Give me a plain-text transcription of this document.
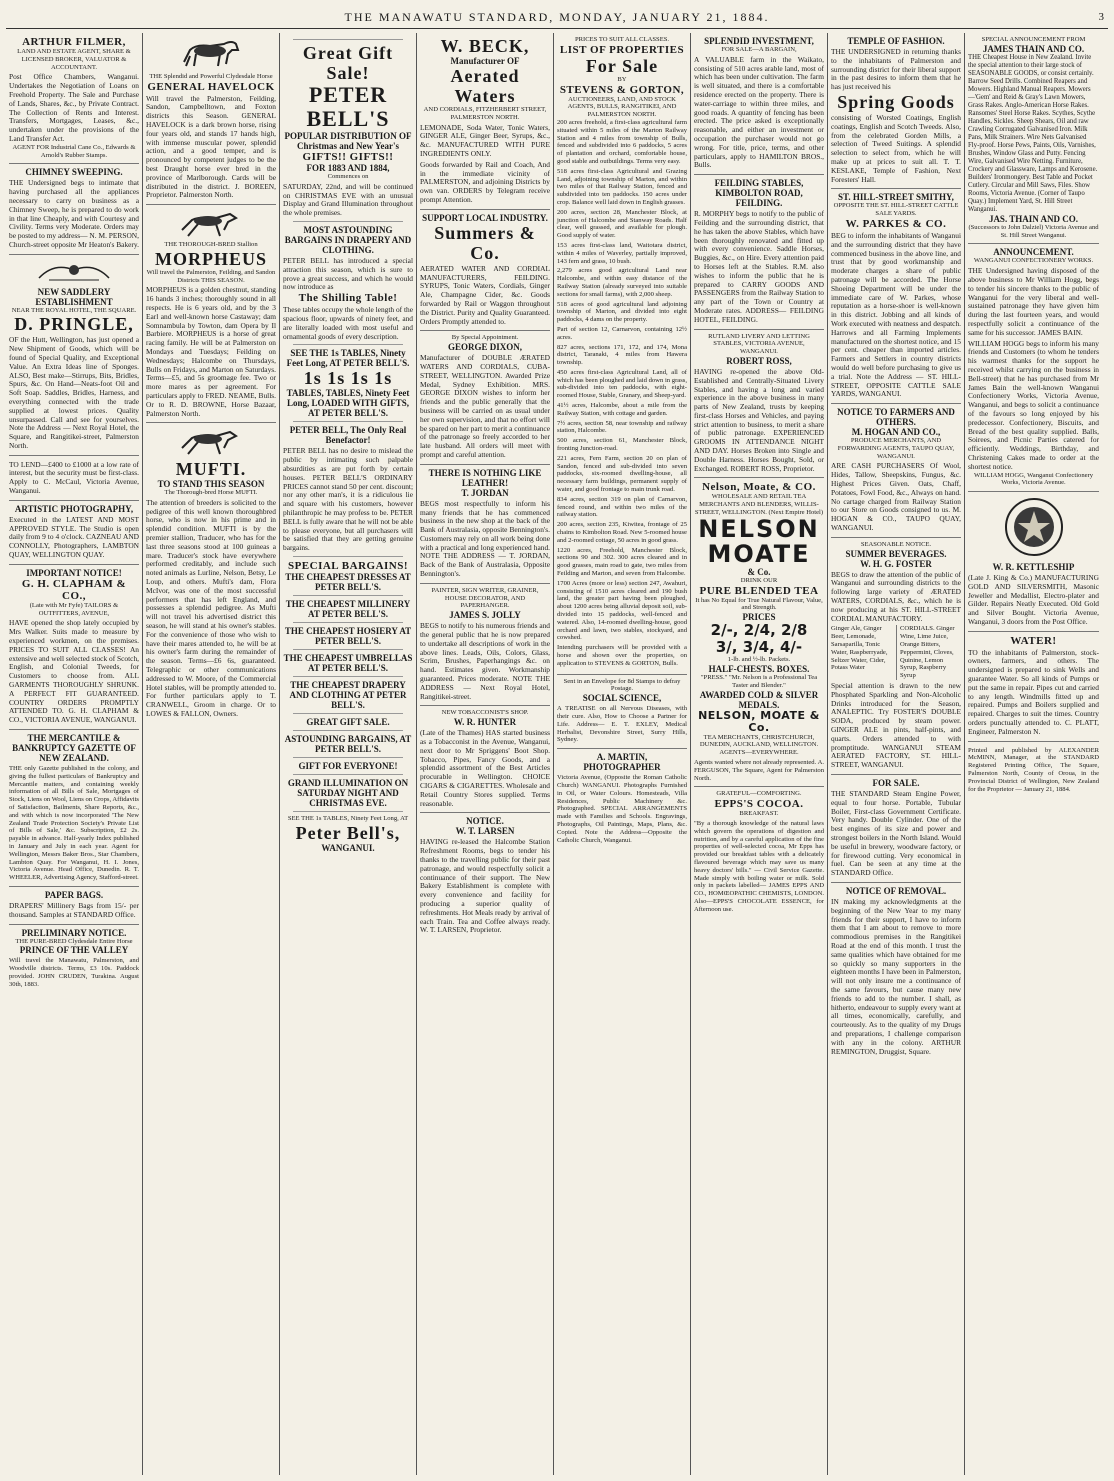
THE MANAWATU STANDARD, MONDAY, JANUARY 21, 1884.	3
ARTHUR FILMER,
LAND AND ESTATE AGENT, SHARE & LICENSED BROKER, VALUATOR & ACCOUNTANT.
Post Office Chambers, Wanganui. Undertakes the Negotiation of Loans on Freehold Property. The Sale and Purchase of Lands, Shares, &c., by Private Contract. The Collection of Rents and Interest. Transfers, Mortgages, Leases, &c., undertaken under the provisions of the Land Transfer Act.
AGENT FOR Industrial Cane Co., Edwards & Arnold's Rubber Stamps.
CHIMNEY SWEEPING.
THE Undersigned begs to intimate that having purchased all the appliances necessary to carry on business as a Chimney Sweep, he is prepared to do work in that line Cheaply, and with Courtesy and Civility. Terms very Moderate. Orders may be posted to my address— N. M. PERSON, Church-street opposite Mr Heaton's Bakery.
NEW SADDLERY ESTABLISHMENT
NEAR THE ROYAL HOTEL, THE SQUARE.
D. PRINGLE,
OF the Hutt, Wellington, has just opened a New Shipment of Goods, which will be found of Special Quality, and Exceptional Value. An Extra Ideas line of Sponges. ALSO, Best make—Stirrups, Bits, Bridles, Spurs, &c. On Hand—Neats-foot Oil and Soft Soap. Saddles, Bridles, Harness, and everything connected with the trade supplied at lowest prices. Quality unsurpassed. Call and see for yourselves. Note the Address — Next Royal Hotel, the Square, and Rangitikei-street, Palmerston North.
TO LEND—£400 to £1000 at a low rate of interest, but the security must be first-class. Apply to C. McCaul, Victoria Avenue, Wanganui.
ARTISTIC PHOTOGRAPHY,
Executed in the LATEST AND MOST APPROVED STYLE. The Studio is open daily from 9 to 4 o'clock. CAZNEAU AND CONNOLLY, Photographers, LAMBTON QUAY, WELLINGTON QUAY.
IMPORTANT NOTICE!
G. H. CLAPHAM & CO.,
(Late with Mr Fyfe) TAILORS & OUTFITTERS, AVENUE,
HAVE opened the shop lately occupied by Mrs Walker. Suits made to measure by experienced workmen, on the premises. PRICES TO SUIT ALL CLASSES! An extensive and well selected stock of Scotch, English, and Colonial Tweeds, for Customers to choose from. ALL GARMENTS THOROUGHLY SHRUNK. A PERFECT FIT GUARANTEED. COUNTRY ORDERS PROMPTLY ATTENDED TO. G. H. CLAPHAM & CO., VICTORIA AVENUE, WANGANUI.
THE MERCANTILE & BANKRUPTCY GAZETTE OF NEW ZEALAND.
THE only Gazette published in the colony, and giving the fullest particulars of Bankruptcy and Mercantile matters, and containing weekly information of all Bills of Sale, Mortgages of Stock, Liens on Wool, Liens on Crops, Affidavits of Satisfaction, Bailments, Share Reports, &c., and with which is now incorporated 'The New Zealand Trade Protection Society's Private List of Bills of Sale,' &c. Subscription, £2 2s. payable in advance. Half-yearly Index published in January and July in each year. Agent for Wellington, Messrs Baker Bros., Star Chambers, Lambton Quay. For Wanganui, H. I. Jones, Victoria Avenue. Head Office, Dunedin. R. T. WHEELER, Advertising Agency, Stafford-street.
PAPER BAGS.
DRAPERS' Millinery Bags from 15/- per thousand. Samples at STANDARD Office.
PRELIMINARY NOTICE.
THE PURE-BRED Clydesdale Entire Horse
PRINCE OF THE VALLEY
Will travel the Manawatu, Palmerston, and Woodville districts. Terms, £3 10s. Paddock provided. JOHN CRUDEN, Turakina. August 30th, 1883.
THE Splendid and Powerful Clydesdale Horse
GENERAL HAVELOCK
Will travel the Palmerston, Feilding, Sandon, Campbelltown, and Foxton districts this Season. GENERAL HAVELOCK is a dark brown horse, rising four years old, and stands 17 hands high, with immense muscular power, splendid action, and a good temper, and is pronounced by competent judges to be the best Draught horse ever bred in the province of Marlborough. Cards will be distributed in the district. J. BOREEN, Proprietor. Palmerston North.
THE THOROUGH-BRED Stallion
MORPHEUS
Will travel the Palmerston, Feilding, and Sandon Districts THIS SEASON.
MORPHEUS is a golden chestnut, standing 16 hands 3 inches; thoroughly sound in all respects. He is 6 years old, and by the 3 Earl and well-known horse Castaway; dam Somnambula by Towton, dam Opera by Il Barbiere. MORPHEUS is a horse of great racing family. He will be at Palmerston on Mondays and Tuesdays; Feilding on Wednesdays; Halcombe on Thursdays, Bulls on Fridays, and Marton on Saturdays. Terms—£5, and 5s groomage fee. Two or more mares as per agreement. For particulars apply to FRED. NEAME, Bulls. Or to R. D. BROWNE, Horse Bazaar, Palmerston North.
MUFTI.
TO STAND THIS SEASON
The Thorough-bred Horse MUFTI.
The attention of breeders is solicited to the pedigree of this well known thoroughbred horse, who is now in his prime and in splendid condition. MUFTI is by the premier stallion, Traducer, who has for the last three seasons stood at 100 guineas a mare. Traducer's stock have everywhere performed creditably, and include such noted animals as Lurline, Nelson, Betsy, Le Loup, and others. Mufti's dam, Flora McIvor, was one of the most successful performers that has left England, and possesses a splendid pedigree. As Mufti will not travel his advertised district this season, he will stand at his owner's stables. For the convenience of those who wish to have their mares attended to, he will be at his owner's farm during the remainder of the season. Terms—£6 6s, guaranteed. Telegraphic or other communications addressed to W. Moore, of the Commercial Hotel stables, will be promptly attended to. For further particulars apply to T. CRANWELL, Groom in charge. Or to LOWES & FALLON, Owners.
Great Gift Sale!
PETER BELL'S
POPULAR DISTRIBUTION OF Christmas and New Year's
GIFTS!! GIFTS!!
FOR 1883 AND 1884,
Commences on
SATURDAY, 22nd, and will be continued on CHRISTMAS EVE with an unusual Display and Grand Illumination throughout the whole premises.
MOST ASTOUNDING BARGAINS IN DRAPERY AND CLOTHING.
PETER BELL has introduced a special attraction this season, which is sure to prove a great success, and which he would now introduce as
The Shilling Table!
These tables occupy the whole length of the spacious floor, upwards of ninety feet, and are literally loaded with most useful and ornamental goods of every description.
SEE THE 1s TABLES, Ninety Feet Long, AT PETER BELL'S.
1s 1s 1s 1s
TABLES, TABLES, Ninety Feet Long, LOADED WITH GIFTS, AT PETER BELL'S.
PETER BELL, The Only Real Benefactor!
PETER BELL has no desire to mislead the public by intimating such palpable absurdities as are put forth by certain houses. PETER BELL'S ORDINARY PRICES cannot stand 50 per cent. discount; nor any other man's, it is a ridiculous lie and square with his customers, however philanthropic he may profess to be. PETER BELL is fully aware that he will not be able to please everyone, but all purchasers will be satisfied that they are getting genuine bargains.
SPECIAL BARGAINS!
THE CHEAPEST DRESSES AT PETER BELL'S.
THE CHEAPEST MILLINERY AT PETER BELL'S.
THE CHEAPEST HOSIERY AT PETER BELL'S.
THE CHEAPEST UMBRELLAS AT PETER BELL'S.
THE CHEAPEST DRAPERY AND CLOTHING AT PETER BELL'S.
GREAT GIFT SALE.
ASTOUNDING BARGAINS, AT PETER BELL'S.
GIFT FOR EVERYONE!
GRAND ILLUMINATION ON SATURDAY NIGHT AND CHRISTMAS EVE.
SEE THE 1s TABLES, Ninety Feet Long, AT
Peter Bell's,
WANGANUI.
W. BECK,
Manufacturer OF
Aerated Waters
AND CORDIALS, FITZHERBERT STREET, PALMERSTON NORTH.
LEMONADE, Soda Water, Tonic Waters, GINGER ALE, Ginger Beer, Syrups, &c., &c. MANUFACTURED WITH PURE INGREDIENTS ONLY.
Goods forwarded by Rail and Coach, And in the immediate vicinity of PALMERSTON, and adjoining Districts by own van. ORDERS by Telegram receive prompt Attention.
SUPPORT LOCAL INDUSTRY.
Summers & Co.
AERATED WATER AND CORDIAL MANUFACTURERS, FEILDING. SYRUPS, Tonic Waters, Cordials, Ginger Ale, Champagne Cider, &c. Goods forwarded by Rail or Waggon throughout the District. Purity and Quality Guaranteed. Orders Promptly attended to.
By Special Appointment.
GEORGE DIXON,
Manufacturer of DOUBLE ÆRATED WATERS AND CORDIALS, CUBA-STREET, WELLINGTON. Awarded Prize Medal, Sydney Exhibition. MRS. GEORGE DIXON wishes to inform her friends and the public generally that the business will be carried on as usual under her own supervision, and that no effort will be spared on her part to merit a continuance of the patronage so freely accorded to her late husband. All orders will meet with prompt and careful attention.
THERE IS NOTHING LIKE LEATHER!
T. JORDAN
BEGS most respectfully to inform his many friends that he has commenced business in the new shop at the back of the Bank of Australasia, opposite Bennington's. Customers may rely on all work being done with a practical and long experienced hand. NOTE THE ADDRESS — T. JORDAN, Back of the Bank of Australasia, Opposite Bennington's.
PAINTER, SIGN WRITER, GRAINER, HOUSE DECORATOR, AND PAPERHANGER.
JAMES S. JOLLY
BEGS to notify to his numerous friends and the general public that he is now prepared to undertake all descriptions of work in the above lines. Leads, Oils, Colors, Glass, Scrim, Brushes, Paperhangings &c. on hand. Estimates given. Workmanship guaranteed. Prices moderate. NOTE THE ADDRESS — Next Royal Hotel, Rangitikei-street.
NEW TOBACCONIST'S SHOP.
W. R. HUNTER
(Late of the Thames) HAS started business as a Tobacconist in the Avenue, Wanganui, next door to Mr Spriggens' Boot Shop. Tobacco, Pipes, Fancy Goods, and a splendid assortment of the Best Articles procurable in Wellington. CHOICE CIGARS & CIGARETTES. Wholesale and Retail Country Stores supplied. Terms reasonable.
NOTICE.
W. T. LARSEN
HAVING re-leased the Halcombe Station Refreshment Rooms, begs to tender his thanks to the travelling public for their past patronage, and would respectfully solicit a continuance of their support. The New Bakery Establishment is complete with every convenience and facility for producing a superior quality of refreshments. Hot Meals ready by arrival of each Train. Tea and Coffee always ready. W. T. LARSEN, Proprietor.
PRICES TO SUIT ALL CLASSES.
LIST OF PROPERTIES
For Sale
BY
STEVENS & GORTON,
AUCTIONEERS, LAND, AND STOCK AGENTS, BULLS, RANGITIKEI, AND PALMERSTON NORTH.
200 acres freehold, a first-class agricultural farm situated within 5 miles of the Marton Railway Station and 4 miles from township of Bulls, fenced and subdivided into 6 paddocks, 5 acres of plantation and orchard, comfortable house, good stable and outbuildings. Terms very easy.
518 acres first-class Agricultural and Grazing Land, adjoining township of Marton, and within two miles of that Railway Station, fenced and subdivided into ten paddocks. 150 acres under crop. Balance well laid down in English grasses.
200 acres, section 28, Manchester Block, at junction of Halcombe and Stanway Roads. Half clear, well grassed, and available for plough. Good supply of water.
153 acres first-class land, Waitotara district, within 4 miles of Waverley, partially improved, 143 fern and grass, 10 bush.
2,279 acres good agricultural Land near Halcombe, and within easy distance of the Railway Station (already surveyed into suitable sections for small farms), with 2,000 sheep.
518 acres of good agricultural land adjoining township of Marton, and divided into eight paddocks, 4 dams on the property.
Part of section 12, Carnarvon, containing 12½ acres.
827 acres, sections 171, 172, and 174, Mona district, Taranaki, 4 miles from Hawera township.
450 acres first-class Agricultural Land, all of which has been ploughed and laid down in grass, sub-divided into ten paddocks, with eight-roomed House, Stable, Granary, and Sheep-yard.
41½ acres, Halcombe, about a mile from the Railway Station, with cottage and garden.
7½ acres, section 58, near township and railway station, Halcombe.
500 acres, section 61, Manchester Block, fronting Junction-road.
221 acres, Fern Farm, section 20 on plan of Sandon, fenced and sub-divided into seven paddocks, six-roomed dwelling-house, all necessary farm buildings, permanent supply of water, and good frontage to main trunk road.
834 acres, section 319 on plan of Carnarvon, fenced round, and within two miles of the railway station.
200 acres, section 235, Kiwitea, frontage of 25 chains to Kimbolton Road. New 5-roomed house and 2-roomed cottage, 50 acres in good grass.
1220 acres, Freehold, Manchester Block, sections 90 and 302. 300 acres cleared and in good grasses, main road to gate, two miles from Feilding and Marton, and seven from Halcombe.
1700 Acres (more or less) section 247, Awahuri, consisting of 1510 acres cleared and 190 bush land, the greater part having been ploughed, about 1200 acres being alluvial deposit soil, sub-divided into 15 paddocks, well-fenced and watered. Also, 14-roomed dwelling-house, good orchard and lawn, two stables, stockyard, and cowshed.
Intending purchasers will be provided with a horse and shown over the properties, on application to STEVENS & GORTON, Bulls.
Sent in an Envelope for 8d Stamps to defray Postage.
SOCIAL SCIENCE,
A TREATISE on all Nervous Diseases, with their cure. Also, How to Choose a Partner for Life. Address— E. T. EXLEY, Medical Herbalist, Devonshire Street, Surry Hills, Sydney.
A. MARTIN,
PHOTOGRAPHER
Victoria Avenue, (Opposite the Roman Catholic Church) WANGANUI. Photographs Furnished in Oil, or Water Colours. Homesteads, Villa Residences, Public Machinery &c. Photographed. SPECIAL ARRANGEMENTS made with Families and Schools. Engravings, Photographs, Oil Paintings, Maps, Plans, &c. Copied. Note the Address—Opposite the Catholic Church, Wanganui.
SPLENDID INVESTMENT,
FOR SALE—A BARGAIN,
A VALUABLE farm in the Waikato, consisting of 510 acres arable land, most of which has been under cultivation. The farm is well situated, and there is a comfortable residence erected on the property. There is water-carriage to within three miles, and good roads. A quantity of fencing has been erected. The price asked is exceptionally reasonable, and either an investment or occupation the purchaser would not go wrong. For title, price, terms, and other particulars, apply to HAMILTON BROS., Bulls.
FEILDING STABLES, KIMBOLTON ROAD, FEILDING.
R. MORPHY begs to notify to the public of Feilding and the surrounding district, that he has taken the above Stables, which have been thoroughly renovated and fitted up with every convenience. Saddle Horses, Buggies, &c., on Hire. Every attention paid to Horses left at the Stables. R.M. also wishes to inform the public that he is prepared to CARRY GOODS AND PASSENGERS from the Railway Station to any part of the Town or Country at Moderate rates. ADDRESS— FEILDING HOTEL, FEILDING.
RUTLAND LIVERY AND LETTING STABLES, VICTORIA AVENUE, WANGANUI.
ROBERT ROSS,
HAVING re-opened the above Old-Established and Centrally-Situated Livery Stables, and having a long and varied experience in the above business in many parts of New Zealand, trusts by keeping first-class Horses and Vehicles, and paying strict attention to business, to merit a share of public patronage. EXPERIENCED GROOMS IN ATTENDANCE NIGHT AND DAY. Horses Broken into Single and Double Harness. Horses Bought, Sold, or Exchanged. ROBERT ROSS, Proprietor.
Nelson, Moate, & CO.
WHOLESALE AND RETAIL TEA MERCHANTS AND BLENDERS, WILLIS-STREET, WELLINGTON. (Next Empire Hotel)
NELSON
MOATE
& Co.
DRINK OUR
PURE BLENDED TEA
It has No Equal for True Natural Flavour, Value, and Strength.
PRICES
2/-, 2/4, 2/8
3/, 3/4, 4/-
1-lb. and ½-lb. Packets.
HALF-CHESTS. BOXES.
"PRESS." "Mr. Nelson is a Professional Tea Taster and Blender."
AWARDED COLD & SILVER MEDALS.
NELSON, MOATE & Co.
TEA MERCHANTS, CHRISTCHURCH, DUNEDIN, AUCKLAND, WELLINGTON.
AGENTS—EVERYWHERE.
Agents wanted where not already represented. A. FERGUSON, The Square, Agent for Palmerston North.
GRATEFUL—COMFORTING.
EPPS'S COCOA.
BREAKFAST.
"By a thorough knowledge of the natural laws which govern the operations of digestion and nutrition, and by a careful application of the fine properties of well-selected cocoa, Mr Epps has provided our breakfast tables with a delicately flavoured beverage which may save us many heavy doctors' bills." — Civil Service Gazette. Made simply with boiling water or milk. Sold only in packets labelled— JAMES EPPS AND CO., HOMŒOPATHIC CHEMISTS, LONDON. Also—EPPS'S CHOCOLATE ESSENCE, for Afternoon use.
TEMPLE OF FASHION.
THE UNDERSIGNED in returning thanks to the inhabitants of Palmerston and surrounding district for their liberal support in the past desires to inform them that he has just received his
Spring Goods
consisting of Worsted Coatings, English coatings, English and Scotch Tweeds. Also, from the celebrated Gorden Mills, a selection of Tweed Suitings. A splendid selection to select from, which he will make up at prices to suit all. T. T. KESLAKE, Temple of Fashion, Next Foresters' Hall.
ST. HILL-STREET SMITHY,
OPPOSITE THE ST. HILL-STREET CATTLE SALE YARDS.
W. PARKES & CO.
BEG to inform the inhabitants of Wanganui and the surrounding district that they have commenced business in the above line, and trust that by good workmanship and moderate charges a share of public patronage will be accorded. The Horse Shoeing Department will be under the immediate care of W. Parkes, whose reputation as a horse-shoer is well-known in this district. Jobbing and all kinds of Work executed with neatness and despatch. Harrows and all Farming Implements manufactured on the shortest notice, and 15 per cent. cheaper than imported articles. Farmers and Settlers in country districts would do well before purchasing to give us a trial. Note the Address — ST. HILL-STREET, OPPOSITE CATTLE SALE YARDS, WANGANUI.
NOTICE TO FARMERS AND OTHERS.
M. HOGAN AND CO.,
PRODUCE MERCHANTS, AND FORWARDING AGENTS, TAUPO QUAY, WANGANUI.
ARE CASH PURCHASERS Of Wool, Hides, Tallow, Sheepskins, Fungus, &c. Highest Prices Given. Oats, Chaff, Potatoes, Fowl Food, &c., Always on hand. No cartage charged from Railway Station to our Store on Goods consigned to us. M. HOGAN & CO., TAUPO QUAY, WANGANUI.
SEASONABLE NOTICE.
SUMMER BEVERAGES.
W. H. G. FOSTER
BEGS to draw the attention of the public of Wanganui and surrounding districts to the following large variety of ÆRATED WATERS, CORDIALS, &c., which he is now producing at his ST. HILL-STREET CORDIAL MANUFACTORY.
Ginger Ale, Ginger Beer, Lemonade, Sarsaparilla, Tonic Water, Raspberryade, Seltzer Water, Cider, Potass Water
CORDIALS. Ginger Wine, Lime Juice, Orange Bitters, Peppermint, Cloves, Quinine, Lemon Syrup, Raspberry Syrup
Special attention is drawn to the new Phosphated Sparkling and Non-Alcoholic Drinks introduced for the Season, ANALEPTIC. Try FOSTER'S DOUBLE SODA, produced by steam power. GINGER ALE in pints, half-pints, and quarts. Orders attended to with promptitude. WANGANUI STEAM AERATED FACTORY, ST. HILL-STREET, WANGANUI.
FOR SALE.
THE STANDARD Steam Engine Power, equal to four horse. Portable, Tubular Boiler, First-class Government Certificate. Very handy. Double Cylinder. One of the best engines of its size and power and strongest boilers in the North Island. Would be useful in brewery, woodware factory, or for firewood cutting. Very economical in fuel. Can be seen at any time at the STANDARD Office.
NOTICE OF REMOVAL.
IN making my acknowledgments at the beginning of the New Year to my many friends for their support, I have to inform them that I am about to remove to more commodious premises in the Rangitikei Road at the end of this month. I trust the same qualities which have obtained for me so quickly so many supporters in the eighteen months I have been in Palmerston, will not only insure me a continuance of the same favours, but cause many new friends to add to the number. I shall, as hitherto, endeavour to supply every want at all times, economically, carefully, and courteously. As to the quality of my Drugs and preparations, I challenge comparison with any in the colony. ARTHUR REMINGTON, Druggist, Square.
SPECIAL ANNOUNCEMENT FROM
JAMES THAIN AND CO.
THE Cheapest House in New Zealand. Invite the special attention to their large stock of SEASONABLE GOODS, or consist certainly. Barrow Seed Drills. Combined Reapers and Mowers. Highland Manual Reapers. Mowers—'Gem' and Reid & Gray's Lawn Mowers, Grass Rakes. Anglo-American Horse Rakes. Ransomes' Steel Horse Rakes. Scythes, Scythe Handles, Sickles. Sheep Shears, Oil and raw Crawling Corrugated Galvanised Iron. Milk Pans, Milk Strainers. Wire Nets Galvanised Fly-proof. Horse Pews, Paints, Oils, Varnishes, Brushes, Window Glass and Putty. Fencing Wire, Galvanised Wire Netting. Furniture, Crockery and Glassware, Lamps and Kerosene. Builders' Ironmongery. Best Table and Pocket Cutlery. Circular and Mill Saws, Files. Show Rooms, Victoria Avenue. (Corner of Taupo Quay.) Implement Yard, St. Hill Street Wanganui.
JAS. THAIN AND CO.
(Successors to John Dalziel) Victoria Avenue and St. Hill Street Wanganui.
ANNOUNCEMENT.
WANGANUI CONFECTIONERY WORKS.
THE Undersigned having disposed of the above business to Mr William Hogg, begs to tender his sincere thanks to the public of Wanganui for the very liberal and well-sustained patronage they have given him during the last fourteen years, and would respectfully solicit a continuance of the same for his successor. JAMES BAIN.
WILLIAM HOGG begs to inform his many friends and Customers (to whom he tenders his warmest thanks for the support he received whilst carrying on the business in Bell-street) that he has purchased from Mr James Bain the well-known Wanganui Confectionery Works, Victoria Avenue, Wanganui, and begs to solicit a continuance of the favours so long enjoyed by his predecessor. Confectionery, Biscuits, and Bread of the best quality supplied. Balls, Soirees, and Picnic Parties catered for efficiently. Weddings, Birthday, and Christening Cakes made to order at the shortest notice.
WILLIAM HOGG, Wanganui Confectionery Works, Victoria Avenue.
W. R. KETTLESHIP
(Late J. King & Co.) MANUFACTURING GOLD AND SILVERSMITH, Masonic Jeweller and Medallist, Electro-plater and Gilder. Repairs Neatly Executed. Old Gold and Silver Bought. Victoria Avenue, Wanganui, 3 doors from the Post Office.
WATER!
TO the inhabitants of Palmerston, stock-owners, farmers, and others. The undersigned is prepared to sink Wells and guarantee Water. So all kinds of Pumps or put the same in repair. Pipes cut and carried to any length. Windmills fitted up and repaired. Pumps and Boilers supplied and repaired. Charges to suit the times. Country orders punctually attended to. C. PLATT, Engineer, Palmerston N.
Printed and published by ALEXANDER McMINN, Manager, at the STANDARD Registered Printing Office, The Square, Palmerston North, County of Oroua, in the Provincial District of Wellington, New Zealand for the Proprietor — January 21, 1884.
